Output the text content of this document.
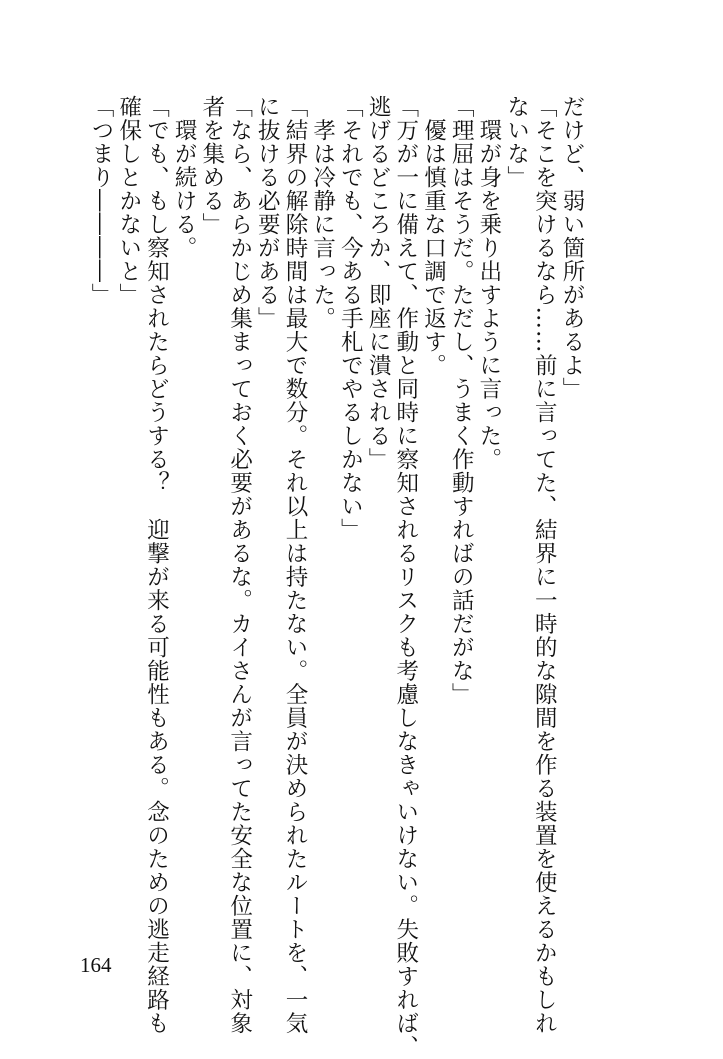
だけど、弱い箇所があるよ」
「そこを突けるなら……前に言ってた、結界に一時的な隙間を作る装置を使えるかもしれ
ないな」
　環が身を乗り出すように言った。
「理屈はそうだ。ただし、うまく作動すればの話だがな」
　優は慎重な口調で返す。
「万が一に備えて、作動と同時に察知されるリスクも考慮しなきゃいけない。失敗すれば、
逃げるどころか、即座に潰される」
「それでも、今ある手札でやるしかない」
　孝は冷静に言った。
「結界の解除時間は最大で数分。それ以上は持たない。全員が決められたルートを、一気
に抜ける必要がある」
「なら、あらかじめ集まっておく必要があるな。カイさんが言ってた安全な位置に、対象
者を集める」
　環が続ける。
「でも、もし察知されたらどうする？　迎撃が来る可能性もある。念のための逃走経路も
確保しとかないと」
「つまり――――」
164
